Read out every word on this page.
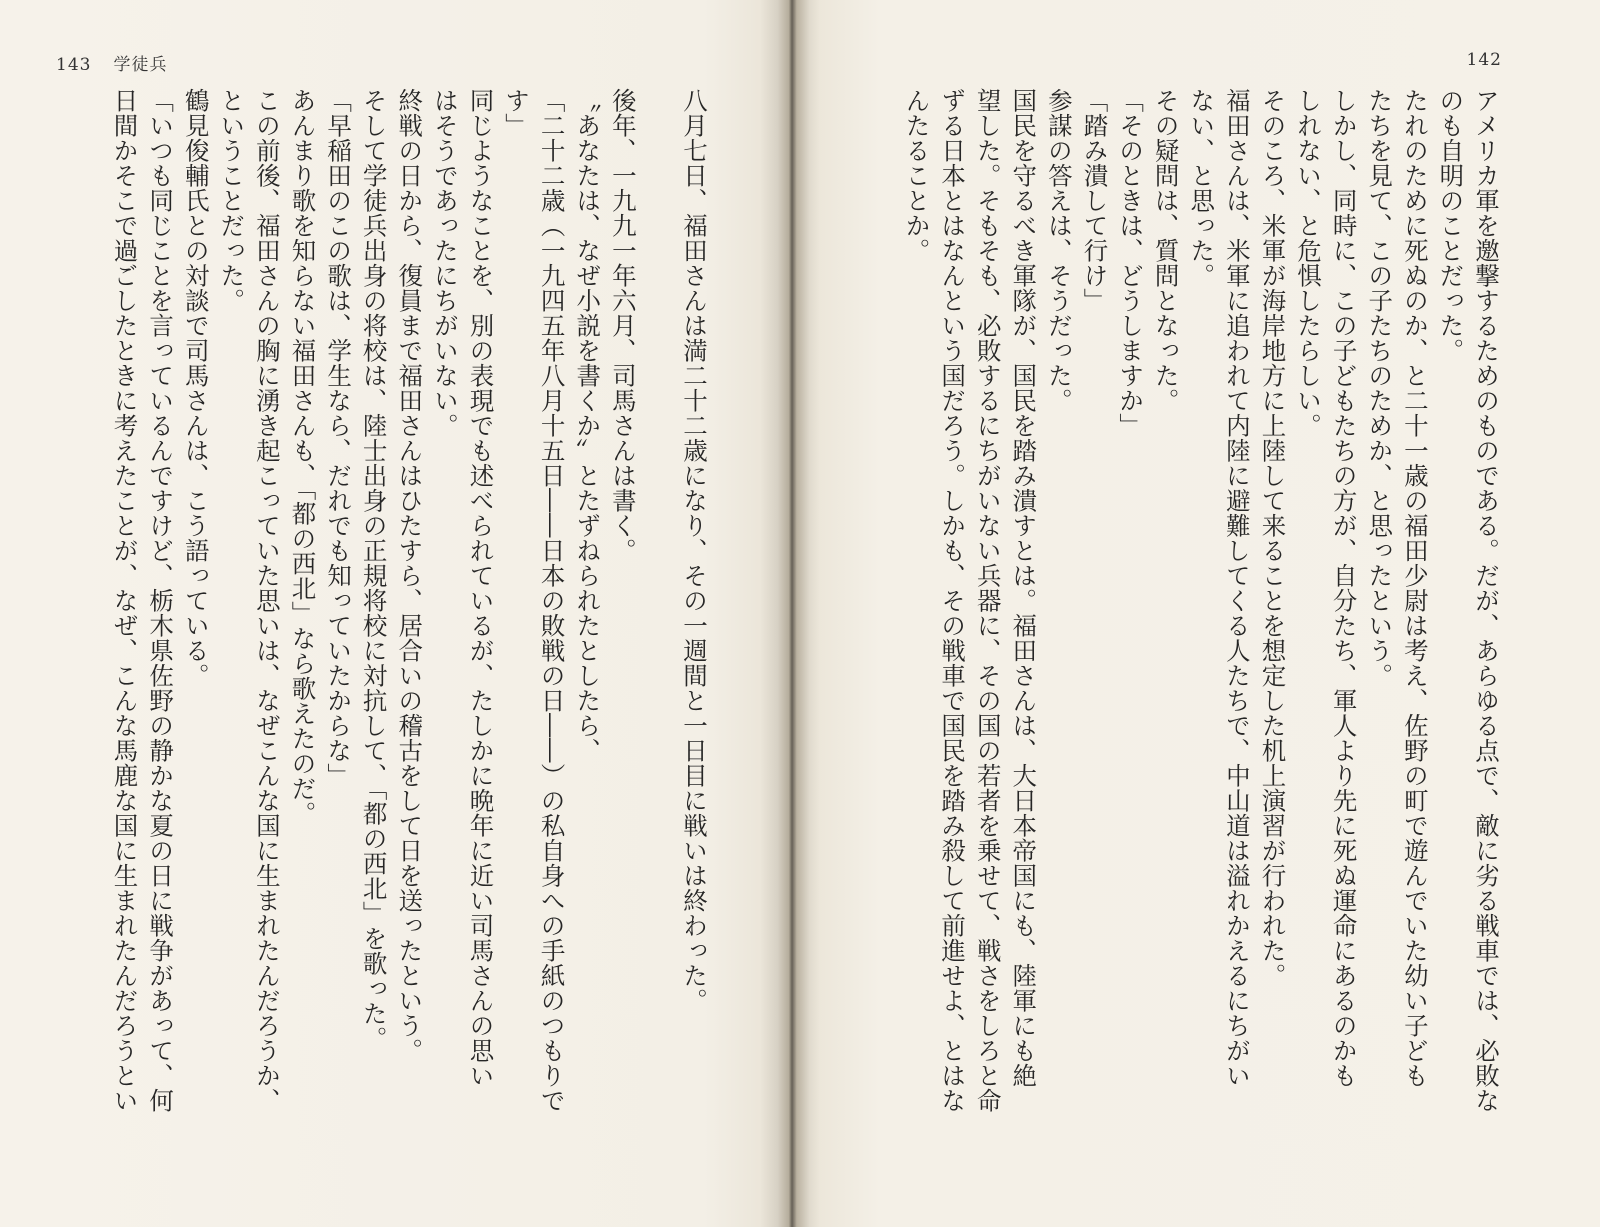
143 学徒兵
八月七日、福田さんは満二十二歳になり、その一週間と一日目に戦いは終わった。
後年、一九九一年六月、司馬さんは書く。
〝あなたは、なぜ小説を書くか〟とたずねられたとしたら、
「二十二歳（一九四五年八月十五日――日本の敗戦の日――）の私自身への手紙のつもりで
す」
同じようなことを、別の表現でも述べられているが、たしかに晩年に近い司馬さんの思い
はそうであったにちがいない。
終戦の日から、復員まで福田さんはひたすら、居合いの稽古をして日を送ったという。
そして学徒兵出身の将校は、陸士出身の正規将校に対抗して、「都の西北」を歌った。
「早稲田のこの歌は、学生なら、だれでも知っていたからな」
あんまり歌を知らない福田さんも、「都の西北」なら歌えたのだ。
この前後、福田さんの胸に湧き起こっていた思いは、なぜこんな国に生まれたんだろうか、
ということだった。
鶴見俊輔氏との対談で司馬さんは、こう語っている。
「いつも同じことを言っているんですけど、栃木県佐野の静かな夏の日に戦争があって、何
日間かそこで過ごしたときに考えたことが、なぜ、こんな馬鹿な国に生まれたんだろうとい
142
アメリカ軍を邀撃するためのものである。だが、あらゆる点で、敵に劣る戦車では、必敗な
のも自明のことだった。
たれのために死ぬのか、と二十一歳の福田少尉は考え、佐野の町で遊んでいた幼い子ども
たちを見て、この子たちのためか、と思ったという。
しかし、同時に、この子どもたちの方が、自分たち、軍人より先に死ぬ運命にあるのかも
しれない、と危惧したらしい。
そのころ、米軍が海岸地方に上陸して来ることを想定した机上演習が行われた。
福田さんは、米軍に追われて内陸に避難してくる人たちで、中山道は溢れかえるにちがい
ない、と思った。
その疑問は、質問となった。
「そのときは、どうしますか」
「踏み潰して行け」
参謀の答えは、そうだった。
国民を守るべき軍隊が、国民を踏み潰すとは。福田さんは、大日本帝国にも、陸軍にも絶
望した。そもそも、必敗するにちがいない兵器に、その国の若者を乗せて、戦さをしろと命
ずる日本とはなんという国だろう。しかも、その戦車で国民を踏み殺して前進せよ、とはな
んたることか。
